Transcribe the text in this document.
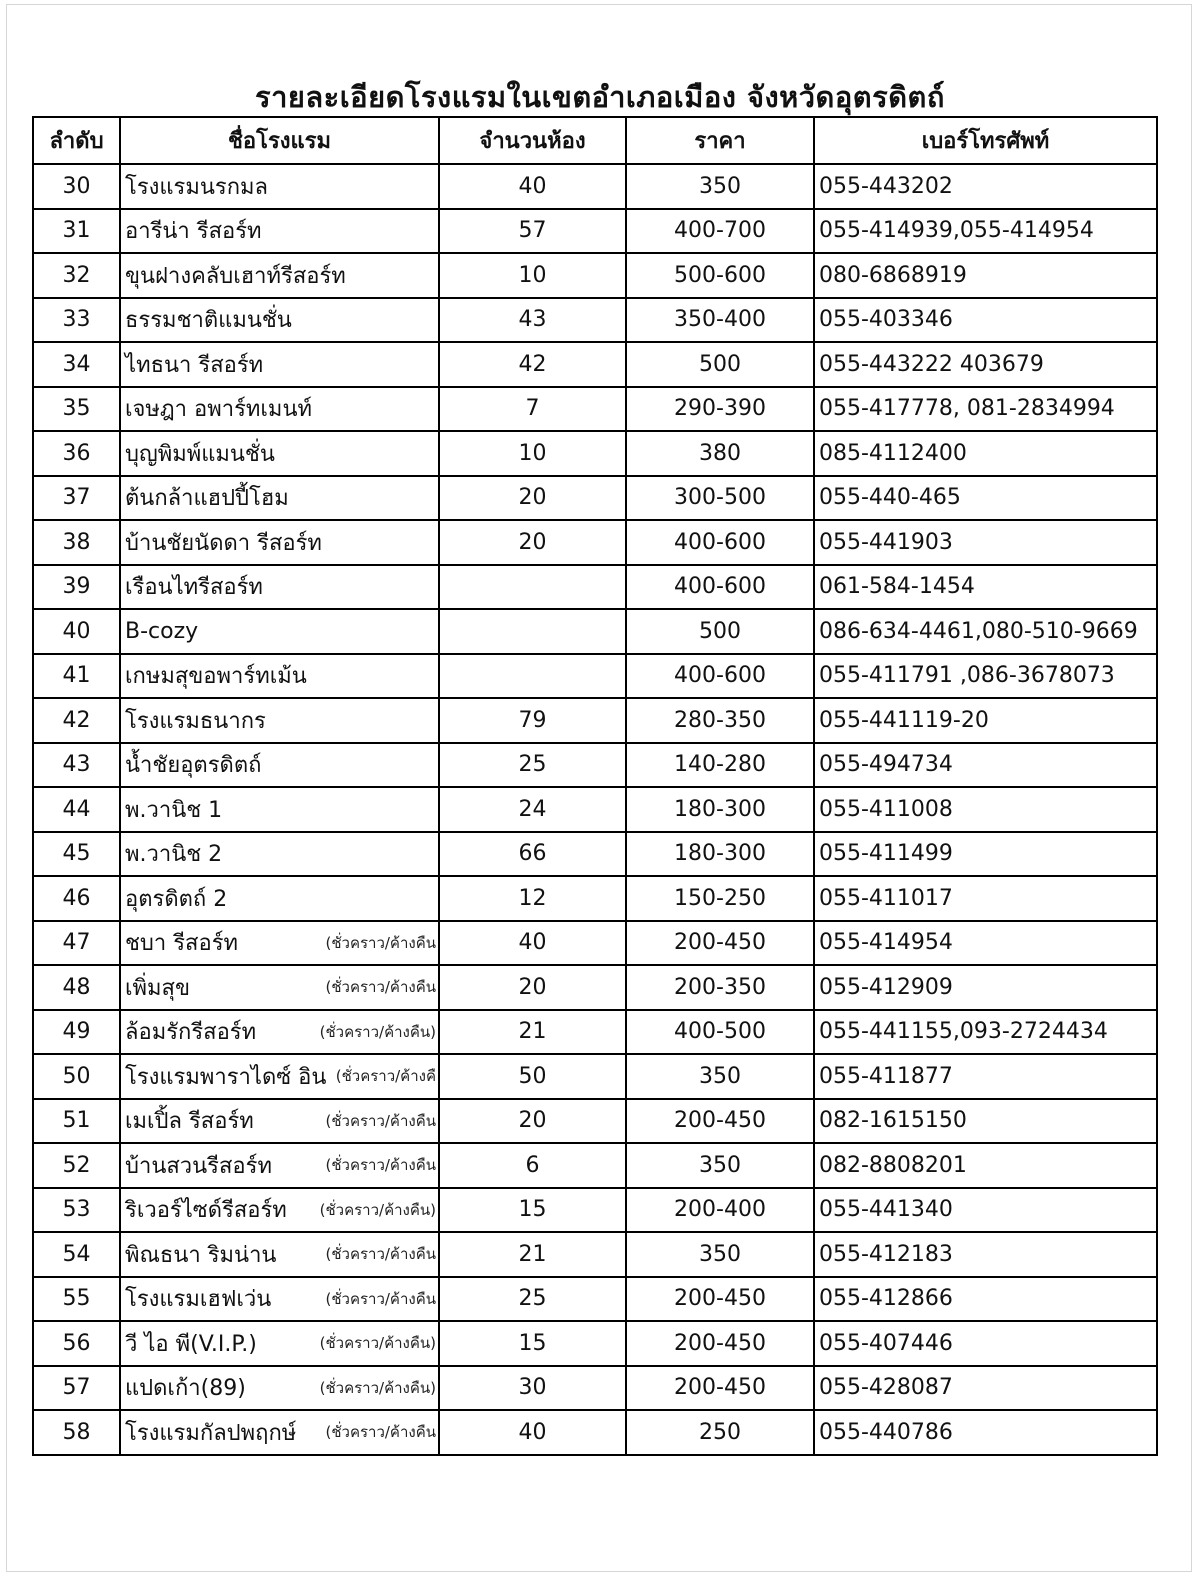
รายละเอียดโรงแรมในเขตอำเภอเมือง จังหวัดอุตรดิตถ์
ลำดับ	ชื่อโรงแรม	จำนวนห้อง	ราคา	เบอร์โทรศัพท์
30	โรงแรมนรกมล	40	350	055-443202
31	อารีน่า รีสอร์ท	57	400-700	055-414939,055-414954
32	ขุนฝางคลับเฮาท์รีสอร์ท	10	500-600	080-6868919
33	ธรรมชาติแมนชั่น	43	350-400	055-403346
34	ไทธนา รีสอร์ท	42	500	055-443222 403679
35	เจษฎา อพาร์ทเมนท์	7	290-390	055-417778, 081-2834994
36	บุญพิมพ์แมนชั่น	10	380	085-4112400
37	ต้นกล้าแฮปปี้โฮม	20	300-500	055-440-465
38	บ้านชัยนัดดา รีสอร์ท	20	400-600	055-441903
39	เรือนไทรีสอร์ท		400-600	061-584-1454
40	B-cozy		500	086-634-4461,080-510-9669
41	เกษมสุขอพาร์ทเม้น		400-600	055-411791 ,086-3678073
42	โรงแรมธนากร	79	280-350	055-441119-20
43	น้ำชัยอุตรดิตถ์	25	140-280	055-494734
44	พ.วานิช 1	24	180-300	055-411008
45	พ.วานิช 2	66	180-300	055-411499
46	อุตรดิตถ์ 2	12	150-250	055-411017
47	ชบา รีสอร์ท (ชั่วคราว/ค้างคืน	40	200-450	055-414954
48	เพิ่มสุข (ชั่วคราว/ค้างคืน	20	200-350	055-412909
49	ล้อมรักรีสอร์ท (ชั่วคราว/ค้างคืน)	21	400-500	055-441155,093-2724434
50	โรงแรมพาราไดซ์ อิน (ชั่วคราว/ค้างคื	50	350	055-411877
51	เมเปิ้ล รีสอร์ท (ชั่วคราว/ค้างคืน	20	200-450	082-1615150
52	บ้านสวนรีสอร์ท (ชั่วคราว/ค้างคืน	6	350	082-8808201
53	ริเวอร์ไซด์รีสอร์ท (ชั่วคราว/ค้างคืน)	15	200-400	055-441340
54	พิณธนา ริมน่าน (ชั่วคราว/ค้างคืน	21	350	055-412183
55	โรงแรมเฮฟเว่น (ชั่วคราว/ค้างคืน	25	200-450	055-412866
56	วี ไอ พี(V.I.P.) (ชั่วคราว/ค้างคืน)	15	200-450	055-407446
57	แปดเก้า(89) (ชั่วคราว/ค้างคืน)	30	200-450	055-428087
58	โรงแรมกัลปพฤกษ์ (ชั่วคราว/ค้างคืน	40	250	055-440786
